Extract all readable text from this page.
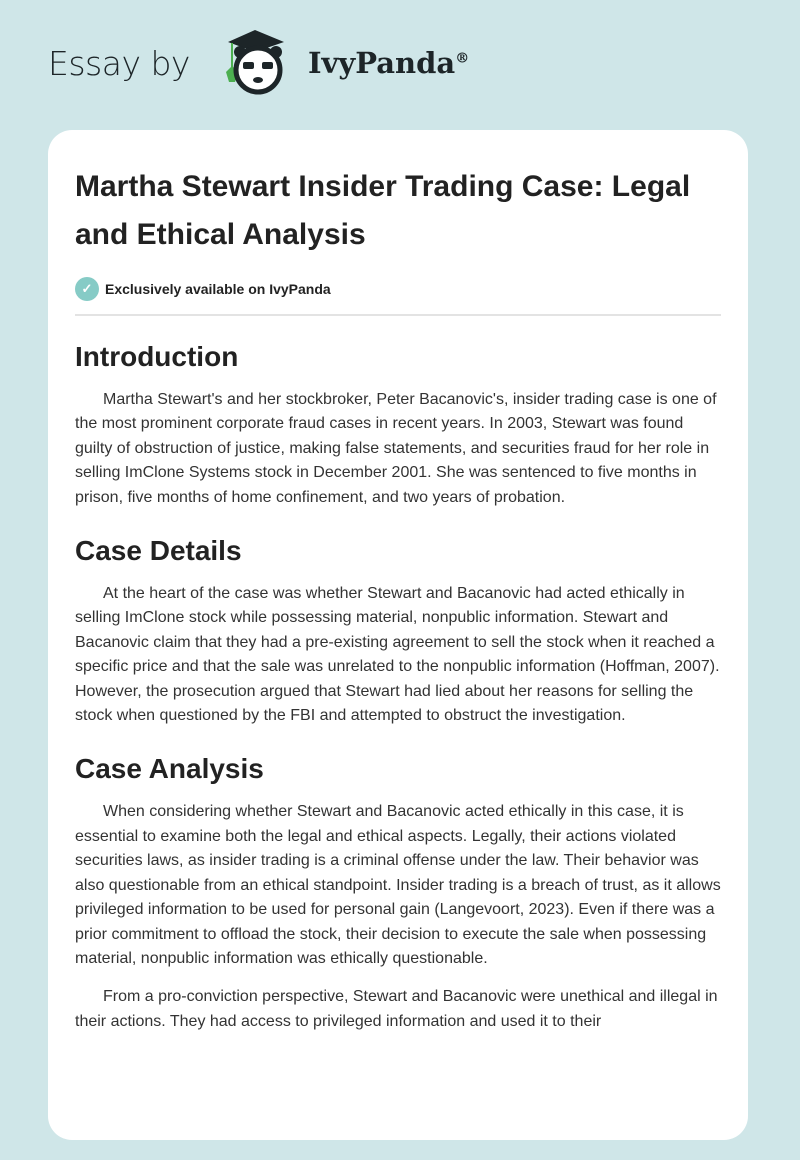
Essay by	IvyPanda®
Martha Stewart Insider Trading Case: Legal and Ethical Analysis
✓ Exclusively available on IvyPanda
Introduction

Martha Stewart's and her stockbroker, Peter Bacanovic's, insider trading case is one of the most prominent corporate fraud cases in recent years. In 2003, Stewart was found guilty of obstruction of justice, making false statements, and securities fraud for her role in selling ImClone Systems stock in December 2001. She was sentenced to five months in prison, five months of home confinement, and two years of probation.

Case Details

At the heart of the case was whether Stewart and Bacanovic had acted ethically in selling ImClone stock while possessing material, nonpublic information. Stewart and Bacanovic claim that they had a pre-existing agreement to sell the stock when it reached a specific price and that the sale was unrelated to the nonpublic information (Hoffman, 2007). However, the prosecution argued that Stewart had lied about her reasons for selling the stock when questioned by the FBI and attempted to obstruct the investigation.

Case Analysis

When considering whether Stewart and Bacanovic acted ethically in this case, it is essential to examine both the legal and ethical aspects. Legally, their actions violated securities laws, as insider trading is a criminal offense under the law. Their behavior was also questionable from an ethical standpoint. Insider trading is a breach of trust, as it allows privileged information to be used for personal gain (Langevoort, 2023). Even if there was a prior commitment to offload the stock, their decision to execute the sale when possessing material, nonpublic information was ethically questionable.

From a pro-conviction perspective, Stewart and Bacanovic were unethical and illegal in their actions. They had access to privileged information and used it to their
